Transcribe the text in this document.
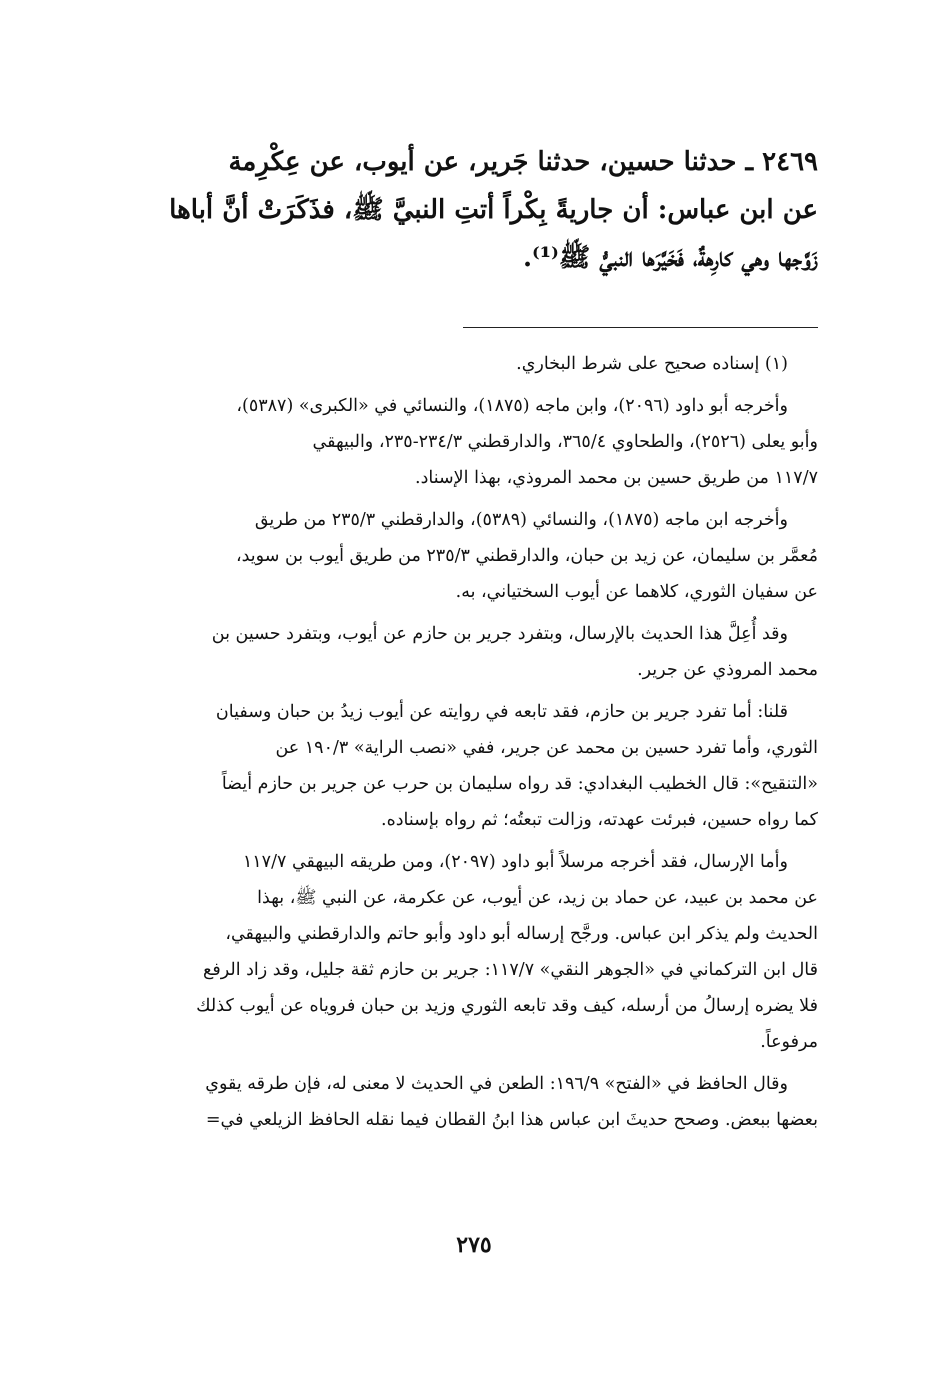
٢٤٦٩ ـ حدثنا حسين، حدثنا جَرير، عن أيوب، عن عِكْرِمة
عن ابن عباس: أن جاريةً بِكْراً أتتِ النبيَّ ﷺ، فذَكَرَتْ أنَّ أباها
زَوَّجها وهي كارِهةٌ، فَخَيَّرَها النبيُّ ﷺ⁽¹⁾.
(١) إسناده صحيح على شرط البخاري.
وأخرجه أبو داود (٢٠٩٦)، وابن ماجه (١٨٧٥)، والنسائي في «الكبرى» (٥٣٨٧)،
وأبو يعلى (٢٥٢٦)، والطحاوي ٣٦٥/٤، والدارقطني ٢٣٤/٣-٢٣٥، والبيهقي
١١٧/٧ من طريق حسين بن محمد المروذي، بهذا الإسناد.
وأخرجه ابن ماجه (١٨٧٥)، والنسائي (٥٣٨٩)، والدارقطني ٢٣٥/٣ من طريق
مُعمَّر بن سليمان، عن زيد بن حبان، والدارقطني ٢٣٥/٣ من طريق أيوب بن سويد،
عن سفيان الثوري، كلاهما عن أيوب السختياني، به.
وقد أُعِلَّ هذا الحديث بالإرسال، وبتفرد جرير بن حازم عن أيوب، وبتفرد حسين بن
محمد المروذي عن جرير.
قلنا: أما تفرد جرير بن حازم، فقد تابعه في روايته عن أيوب زيدُ بن حبان وسفيان
الثوري، وأما تفرد حسين بن محمد عن جرير، ففي «نصب الراية» ١٩٠/٣ عن
«التنقيح»: قال الخطيب البغدادي: قد رواه سليمان بن حرب عن جرير بن حازم أيضاً
كما رواه حسين، فبرئت عهدته، وزالت تبعتُه؛ ثم رواه بإسناده.
وأما الإرسال، فقد أخرجه مرسلاً أبو داود (٢٠٩٧)، ومن طريقه البيهقي ١١٧/٧
عن محمد بن عبيد، عن حماد بن زيد، عن أيوب، عن عكرمة، عن النبي ﷺ، بهذا
الحديث ولم يذكر ابن عباس. ورجَّح إرساله أبو داود وأبو حاتم والدارقطني والبيهقي،
قال ابن التركماني في «الجوهر النقي» ١١٧/٧: جرير بن حازم ثقة جليل، وقد زاد الرفع
فلا يضره إرسالُ من أرسله، كيف وقد تابعه الثوري وزيد بن حبان فروياه عن أيوب كذلك
مرفوعاً.
وقال الحافظ في «الفتح» ١٩٦/٩: الطعن في الحديث لا معنى له، فإن طرقه يقوي
بعضها ببعض. وصحح حديثَ ابن عباس هذا ابنُ القطان فيما نقله الحافظ الزيلعي في=
٢٧٥
